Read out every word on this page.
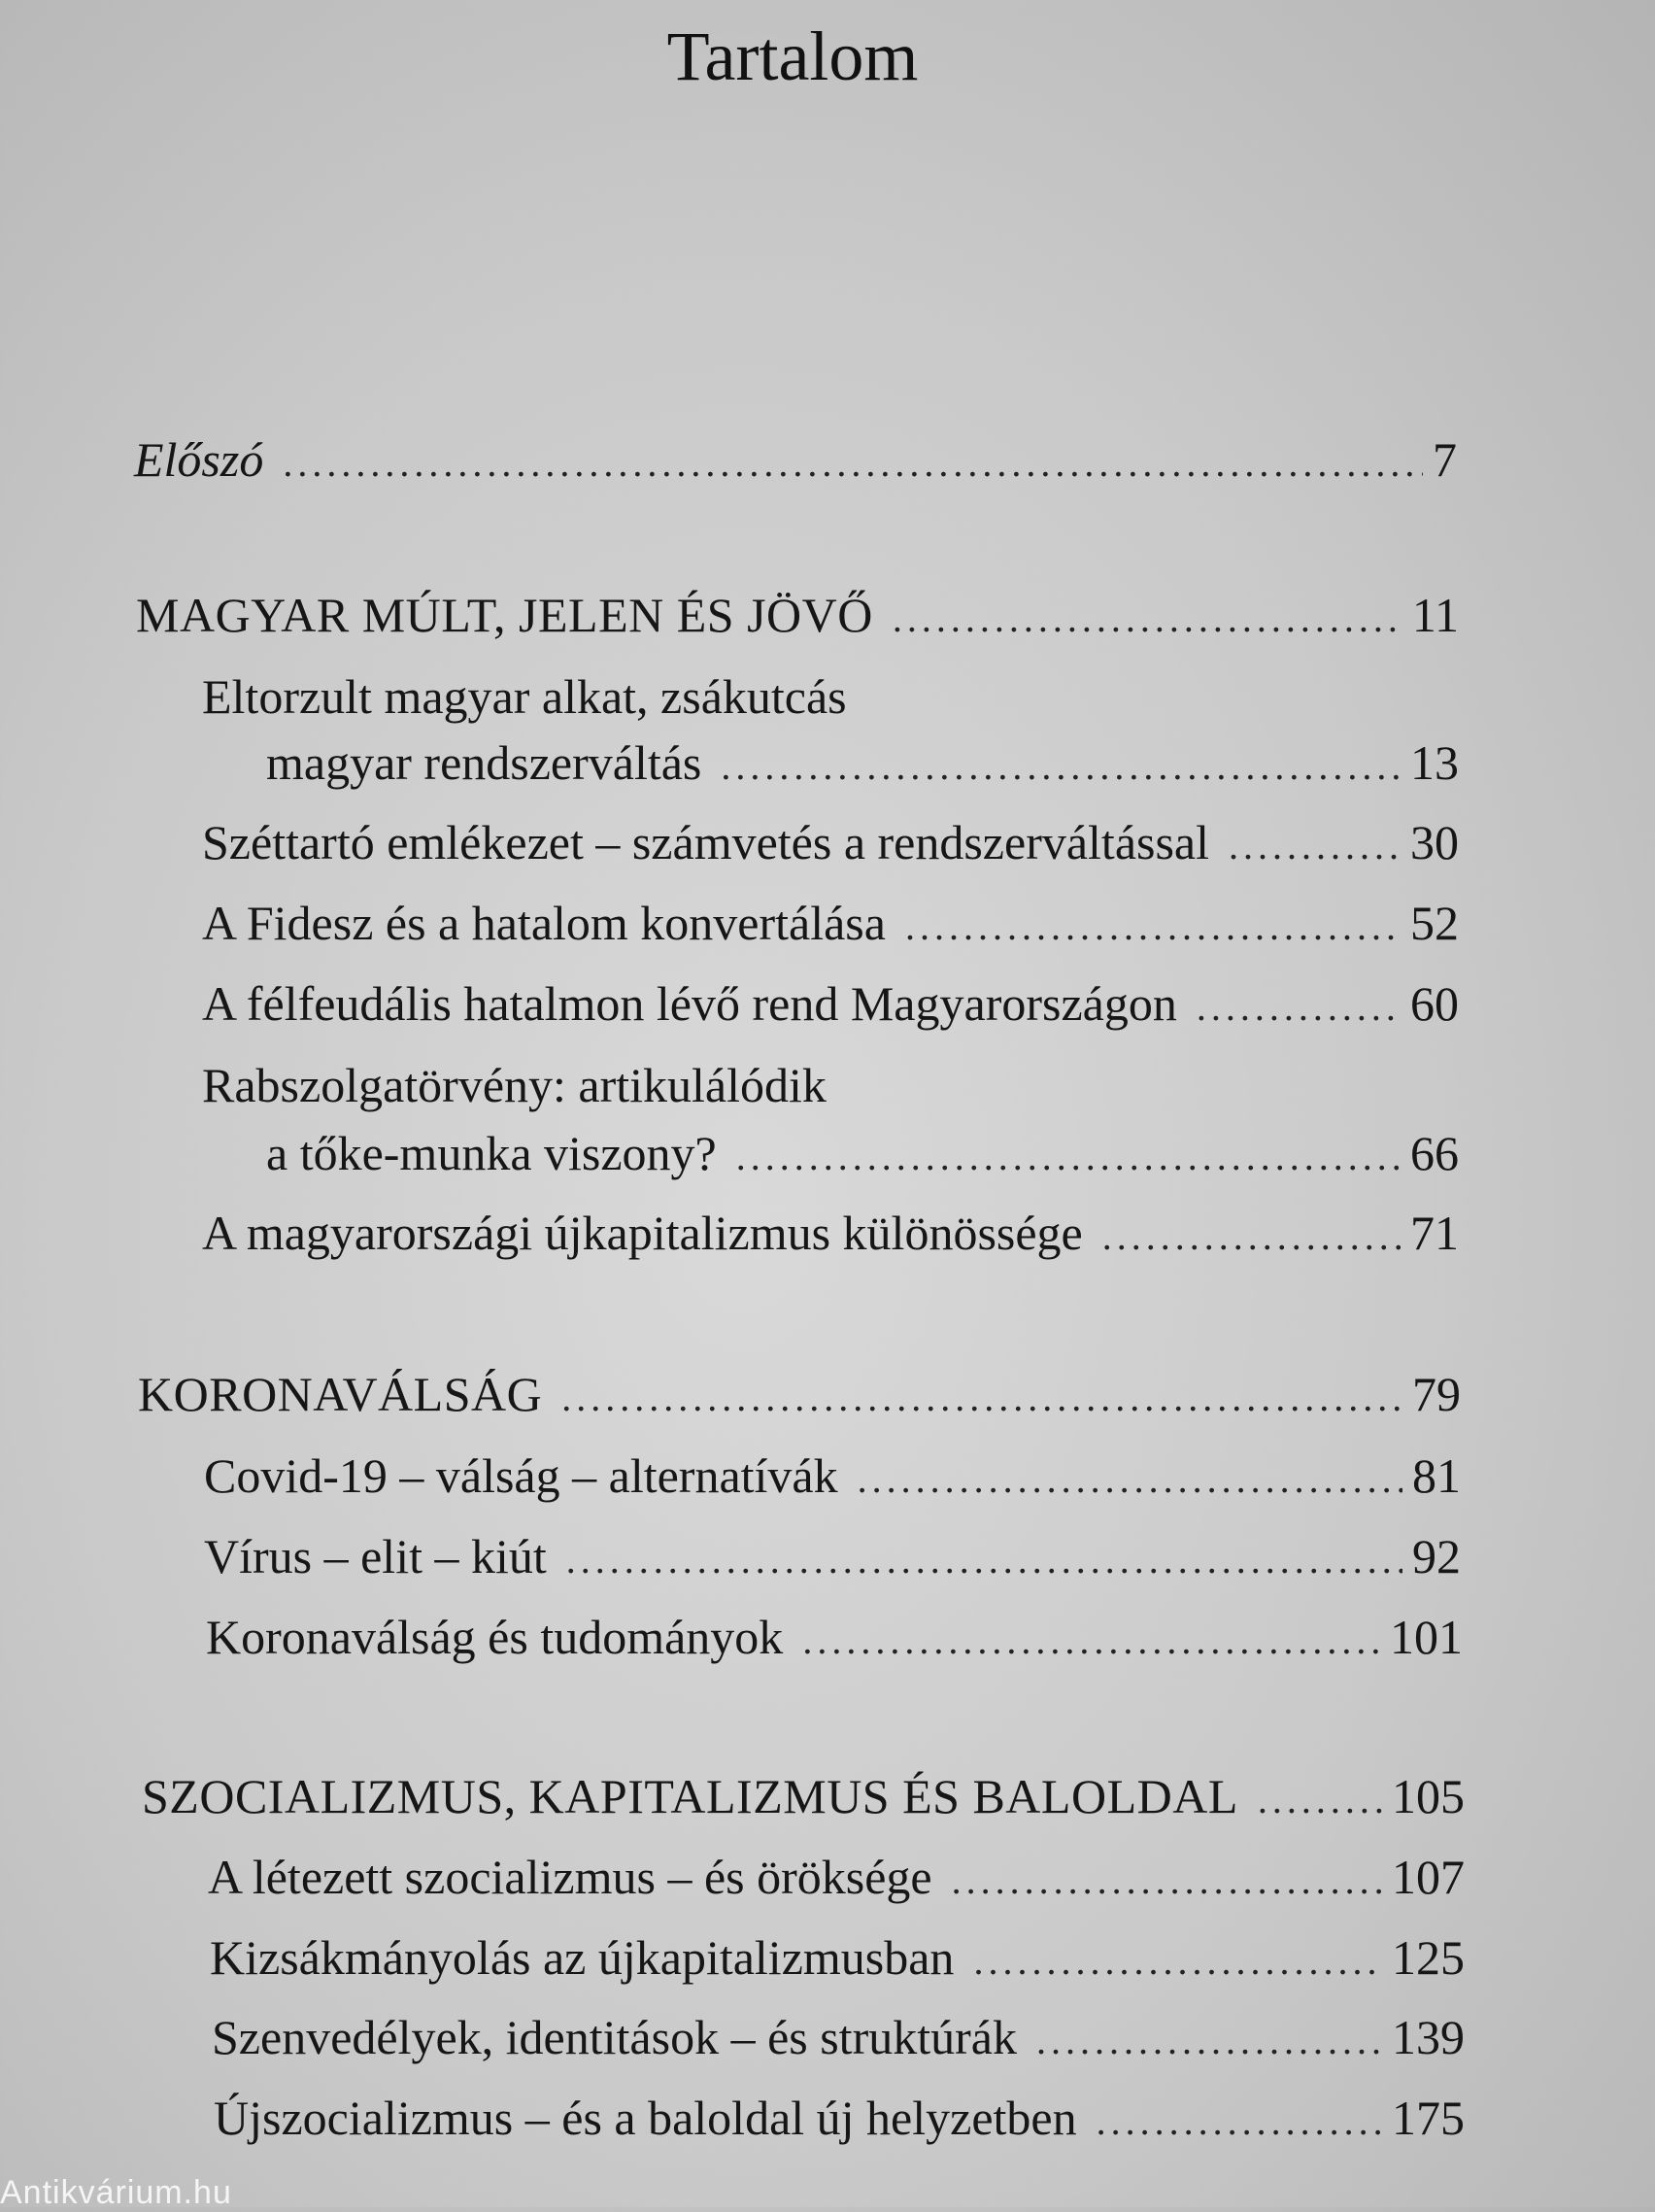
Tartalom
Előszó .....	7
MAGYAR MÚLT, JELEN ÉS JÖVŐ .....	11
Eltorzult magyar alkat, zsákutcás
magyar rendszerváltás .....	13
Széttartó emlékezet – számvetés a rendszerváltással .....	30
A Fidesz és a hatalom konvertálása .....	52
A félfeudális hatalmon lévő rend Magyarországon .....	60
Rabszolgatörvény: artikulálódik
a tőke-munka viszony? .....	66
A magyarországi újkapitalizmus különössége .....	71
KORONAVÁLSÁG .....	79
Covid-19 – válság – alternatívák .....	81
Vírus – elit – kiút .....	92
Koronaválság és tudományok .....	101
SZOCIALIZMUS, KAPITALIZMUS ÉS BALOLDAL .....	105
A létezett szocializmus – és öröksége .....	107
Kizsákmányolás az újkapitalizmusban .....	125
Szenvedélyek, identitások – és struktúrák .....	139
Újszocializmus – és a baloldal új helyzetben .....	175
Antikvárium.hu
